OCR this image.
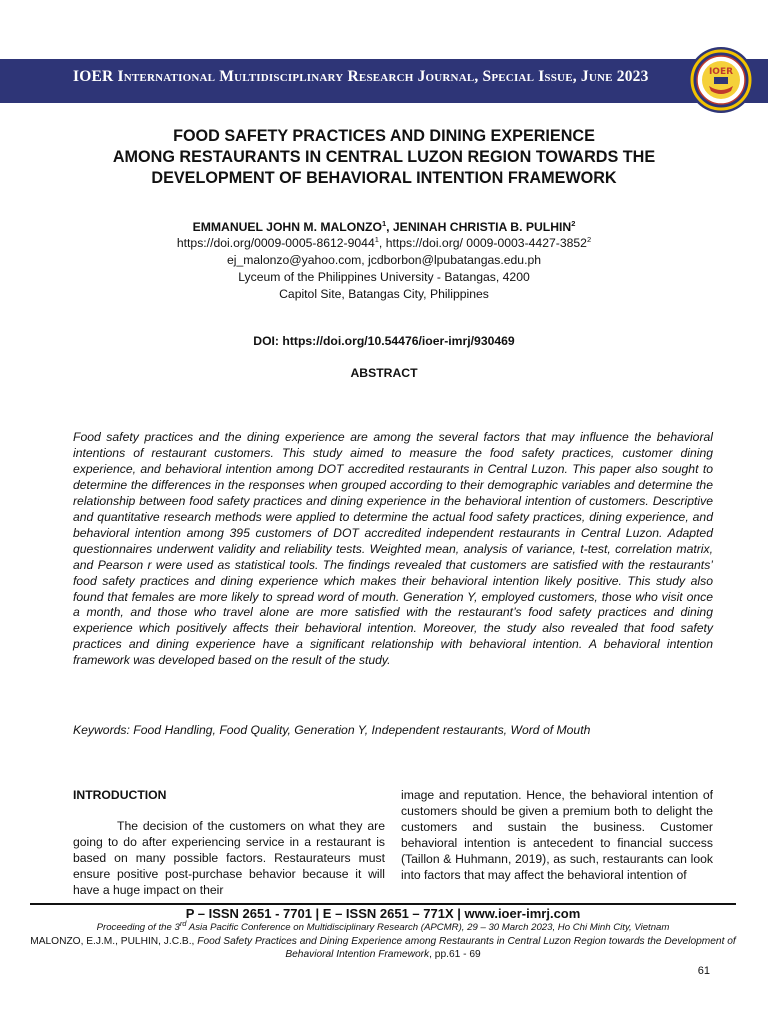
IOER International Multidisciplinary Research Journal, Special Issue, June 2023	IOER
FOOD SAFETY PRACTICES AND DINING EXPERIENCE
AMONG RESTAURANTS IN CENTRAL LUZON REGION TOWARDS THE
DEVELOPMENT OF BEHAVIORAL INTENTION FRAMEWORK
EMMANUEL JOHN M. MALONZO$^1$, JENINAH CHRISTIA B. PULHIN$^2$
https://doi.org/0009-0005-8612-9044$^1$, https://doi.org/ 0009-0003-4427-3852$^2$
ej_malonzo@yahoo.com, jcdborbon@lpubatangas.edu.ph
Lyceum of the Philippines University - Batangas, 4200
Capitol Site, Batangas City, Philippines
DOI: https://doi.org/10.54476/ioer-imrj/930469
ABSTRACT
Food safety practices and the dining experience are among the several factors that may influence the behavioral intentions of restaurant customers. This study aimed to measure the food safety practices, customer dining experience, and behavioral intention among DOT accredited restaurants in Central Luzon. This paper also sought to determine the differences in the responses when grouped according to their demographic variables and determine the relationship between food safety practices and dining experience in the behavioral intention of customers. Descriptive and quantitative research methods were applied to determine the actual food safety practices, dining experience, and behavioral intention among 395 customers of DOT accredited independent restaurants in Central Luzon. Adapted questionnaires underwent validity and reliability tests. Weighted mean, analysis of variance, t-test, correlation matrix, and Pearson r were used as statistical tools. The findings revealed that customers are satisfied with the restaurants’ food safety practices and dining experience which makes their behavioral intention likely positive. This study also found that females are more likely to spread word of mouth. Generation Y, employed customers, those who visit once a month, and those who travel alone are more satisfied with the restaurant’s food safety practices and dining experience which positively affects their behavioral intention. Moreover, the study also revealed that food safety practices and dining experience have a significant relationship with behavioral intention. A behavioral intention framework was developed based on the result of the study.
Keywords: Food Handling, Food Quality, Generation Y, Independent restaurants, Word of Mouth
INTRODUCTION

The decision of the customers on what they are going to do after experiencing service in a restaurant is based on many possible factors. Restaurateurs must ensure positive post-purchase behavior because it will have a huge impact on their

image and reputation. Hence, the behavioral intention of customers should be given a premium both to delight the customers and sustain the business. Customer behavioral intention is antecedent to financial success (Taillon & Huhmann, 2019), as such, restaurants can look into factors that may affect the behavioral intention of

P – ISSN 2651 - 7701 | E – ISSN 2651 – 771X | www.ioer-imrj.com
Proceeding of the 3rd Asia Pacific Conference on Multidisciplinary Research (APCMR), 29 – 30 March 2023, Ho Chi Minh City, Vietnam
MALONZO, E.J.M., PULHIN, J.C.B., Food Safety Practices and Dining Experience among Restaurants in Central Luzon Region towards the Development of Behavioral Intention Framework, pp.61 - 69
61
